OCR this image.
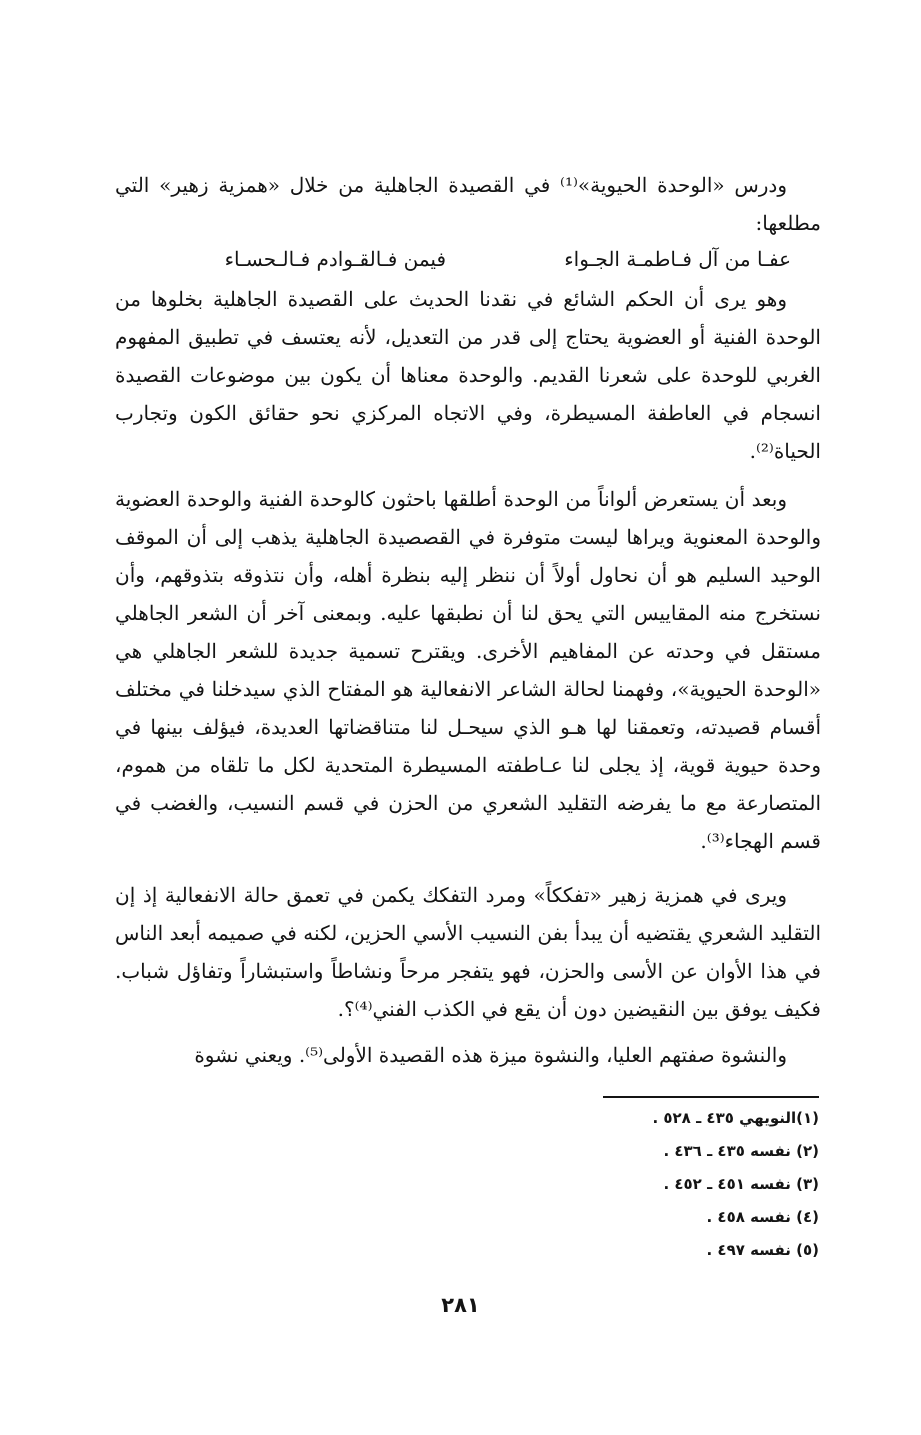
ودرس «الوحدة الحيوية»⁽¹⁾ في القصيدة الجاهلية من خلال «همزية زهير» التي مطلعها:

عفـا من آل فـاطمـة الجـواء
فيمن فـالقـوادم فـالـحسـاء

وهو يرى أن الحكم الشائع في نقدنا الحديث على القصيدة الجاهلية بخلوها من الوحدة الفنية أو العضوية يحتاج إلى قدر من التعديل، لأنه يعتسف في تطبيق المفهوم الغربي للوحدة على شعرنا القديم. والوحدة معناها أن يكون بين موضوعات القصيدة انسجام في العاطفة المسيطرة، وفي الاتجاه المركزي نحو حقائق الكون وتجارب الحياة⁽²⁾.

وبعد أن يستعرض ألواناً من الوحدة أطلقها باحثون كالوحدة الفنية والوحدة العضوية والوحدة المعنوية ويراها ليست متوفرة في القصصيدة الجاهلية يذهب إلى أن الموقف الوحيد السليم هو أن نحاول أولاً أن ننظر إليه بنظرة أهله، وأن نتذوقه بتذوقهم، وأن نستخرج منه المقاييس التي يحق لنا أن نطبقها عليه. وبمعنى آخر أن الشعر الجاهلي مستقل في وحدته عن المفاهيم الأخرى. ويقترح تسمية جديدة للشعر الجاهلي هي «الوحدة الحيوية»، وفهمنا لحالة الشاعر الانفعالية هو المفتاح الذي سيدخلنا في مختلف أقسام قصيدته، وتعمقنا لها هـو الذي سيحـل لنا متناقضاتها العديدة، فيؤلف بينها في وحدة حيوية قوية، إذ يجلى لنا عـاطفته المسيطرة المتحدية لكل ما تلقاه من هموم، المتصارعة مع ما يفرضه التقليد الشعري من الحزن في قسم النسيب، والغضب في قسم الهجاء⁽³⁾.

ويرى في همزية زهير «تفككاً» ومرد التفكك يكمن في تعمق حالة الانفعالية إذ إن التقليد الشعري يقتضيه أن يبدأ بفن النسيب الأسي الحزين، لكنه في صميمه أبعد الناس في هذا الأوان عن الأسى والحزن، فهو يتفجر مرحاً ونشاطاً واستبشاراً وتفاؤل شباب. فكيف يوفق بين النقيضين دون أن يقع في الكذب الفني⁽⁴⁾؟.

والنشوة صفتهم العليا، والنشوة ميزة هذه القصيدة الأولى⁽⁵⁾. ويعني نشوة

(١)النويهي ٤٣٥ ـ ٥٢٨ .
(٢) نفسه ٤٣٥ ـ ٤٣٦ .
(٣) نفسه ٤٥١ ـ ٤٥٢ .
(٤) نفسه ٤٥٨ .
(٥) نفسه ٤٩٧ .
٢٨١
